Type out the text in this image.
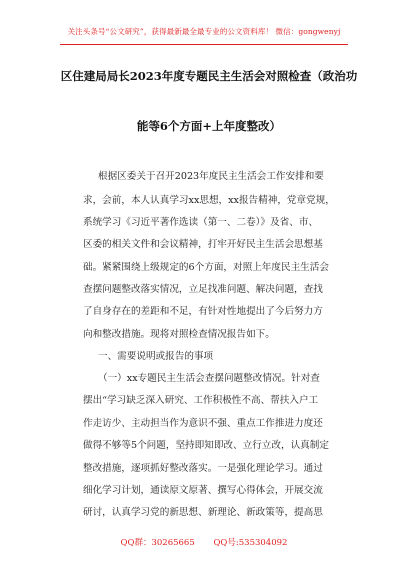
关注头条号“公文研究”，获得最新最全最专业的公文资料库！ 微信：gongwenyj
区住建局局长2023年度专题民主生活会对照检查（政治功
能等6个方面+上年度整改）
根据区委关于召开2023年度民主生活会工作安排和要
求，会前，本人认真学习xx思想，xx报告精神，党章党规，
系统学习《习近平著作选读（第一、二卷）》及省、市、
区委的相关文件和会议精神，打牢开好民主生活会思想基
础。紧紧围绕上级规定的6个方面，对照上年度民主生活会
查摆问题整改落实情况，立足找准问题、解决问题，查找
了自身存在的差距和不足，有针对性地提出了今后努力方
向和整改措施。现将对照检查情况报告如下。
一、需要说明或报告的事项
（一）xx专题民主生活会查摆问题整改情况。针对查
摆出“学习缺乏深入研究、工作积极性不高、帮扶入户工
作走访少、主动担当作为意识不强、重点工作推进力度还
做得不够等5个问题，坚持即知即改、立行立改，认真制定
整改措施，逐项抓好整改落实。一是强化理论学习。通过
细化学习计划，通读原文原著、撰写心得体会，开展交流
研讨，认真学习党的新思想、新理论、新政策等，提高思
QQ群：30265665 QQ号:535304092
